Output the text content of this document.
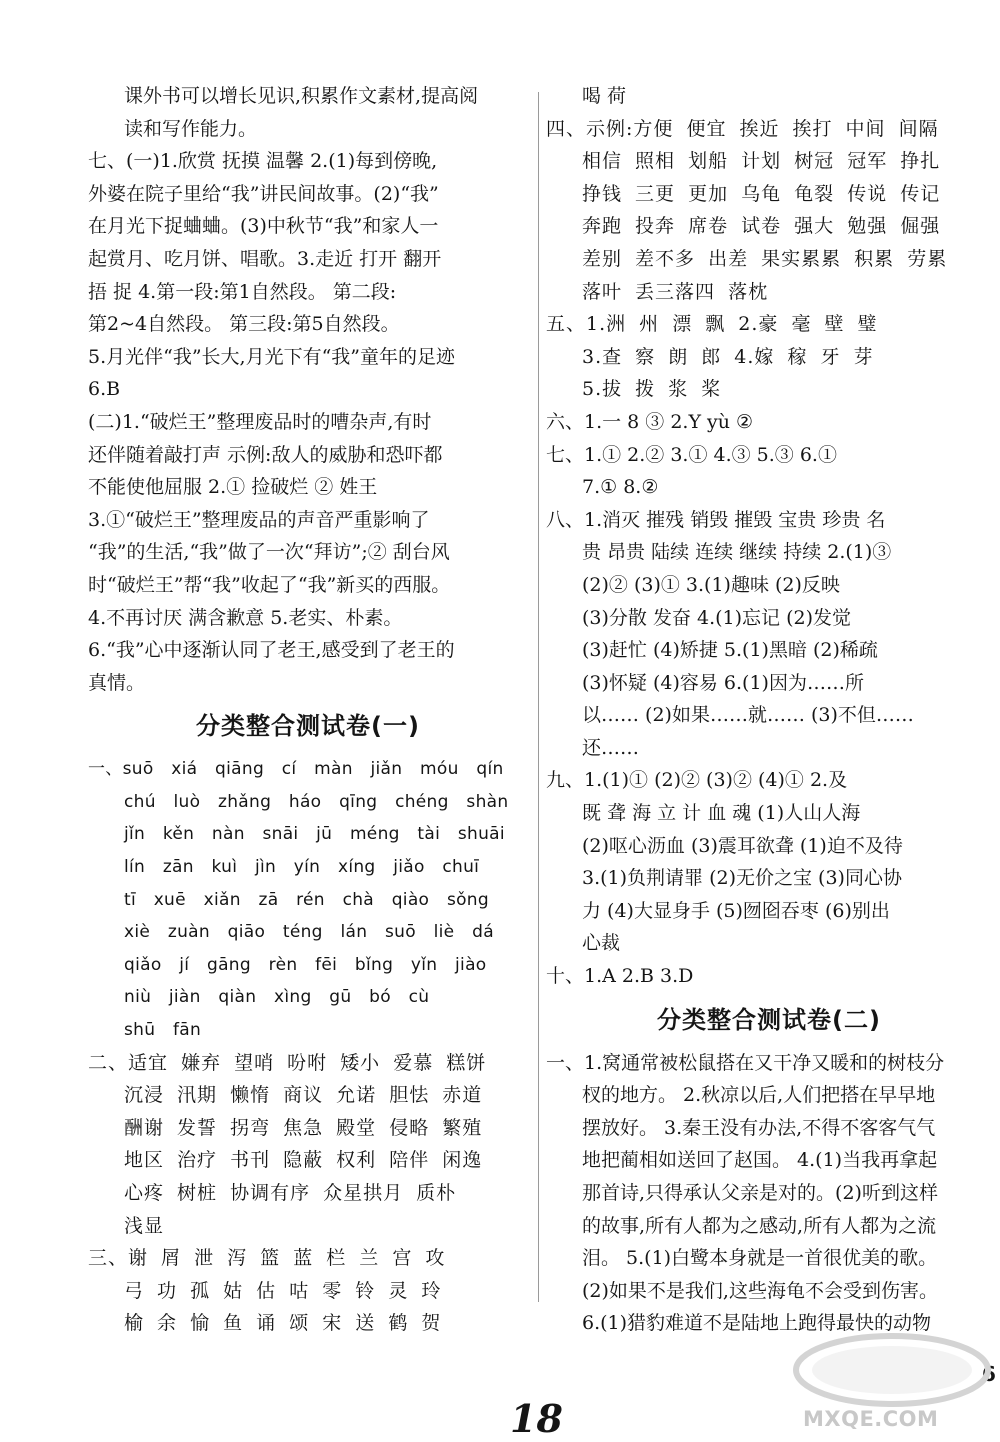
课外书可以增长见识,积累作文素材,提高阅
读和写作能力。
七、(一)1.欣赏 抚摸 温馨 2.(1)每到傍晚,
外婆在院子里给“我”讲民间故事。(2)“我”
在月光下捉蛐蛐。(3)中秋节“我”和家人一
起赏月、吃月饼、唱歌。3.走近 打开 翻开
捂 捉 4.第一段:第1自然段。 第二段:
第2~4自然段。 第三段:第5自然段。
5.月光伴“我”长大,月光下有“我”童年的足迹
6.B
(二)1.“破烂王”整理废品时的嘈杂声,有时
还伴随着敲打声 示例:敌人的威胁和恐吓都
不能使他屈服 2.① 捡破烂 ② 姓王
3.①“破烂王”整理废品的声音严重影响了
“我”的生活,“我”做了一次“拜访”;② 刮台风
时“破烂王”帮“我”收起了“我”新买的西服。
4.不再讨厌 满含歉意 5.老实、朴素。
6.“我”心中逐渐认同了老王,感受到了老王的
真情。
分类整合测试卷(一)
一、suō xiá qiāng cí màn jiǎn móu qín
chú luò zhǎng háo qīng chéng shàn
jǐn kěn nàn snāi jū méng tài shuāi
lín zān kuì jìn yín xíng jiǎo chuī
tī xuē xiǎn zā rén chà qiào sǒng
xiè zuàn qiāo téng lán suō liè dá
qiǎo jí gāng rèn fēi bǐng yǐn jiào
niù jiàn qiàn xìng gū bó cù
shū fān
二、适宜 嫌弃 望哨 吩咐 矮小 爱慕 糕饼
沉浸 汛期 懒惰 商议 允诺 胆怯 赤道
酬谢 发誓 拐弯 焦急 殿堂 侵略 繁殖
地区 治疗 书刊 隐蔽 权利 陪伴 闲逸
心疼 树桩 协调有序 众星拱月 质朴
浅显
三、谢 屑 泄 泻 篮 蓝 栏 兰 宫 攻
弓 功 孤 姑 估 咕 零 铃 灵 玲
榆 余 愉 鱼 诵 颂 宋 送 鹤 贺
喝 荷
四、示例:方便 便宜 挨近 挨打 中间 间隔
相信 照相 划船 计划 树冠 冠军 挣扎
挣钱 三更 更加 乌龟 龟裂 传说 传记
奔跑 投奔 席卷 试卷 强大 勉强 倔强
差别 差不多 出差 果实累累 积累 劳累
落叶 丢三落四 落枕
五、1.洲 州 漂 飘 2.豪 毫 壁 璧
3.查 察 朗 郎 4.嫁 稼 牙 芽
5.拔 拨 浆 桨
六、1.一 8 ③ 2.Y yù ②
七、1.① 2.② 3.① 4.③ 5.③ 6.①
7.① 8.②
八、1.消灭 摧残 销毁 摧毁 宝贵 珍贵 名
贵 昂贵 陆续 连续 继续 持续 2.(1)③
(2)② (3)① 3.(1)趣味 (2)反映
(3)分散 发奋 4.(1)忘记 (2)发觉
(3)赶忙 (4)矫捷 5.(1)黑暗 (2)稀疏
(3)怀疑 (4)容易 6.(1)因为……所
以…… (2)如果……就…… (3)不但……
还……
九、1.(1)① (2)② (3)② (4)① 2.及
既 聋 海 立 计 血 魂 (1)人山人海
(2)呕心沥血 (3)震耳欲聋 (1)迫不及待
3.(1)负荆请罪 (2)无价之宝 (3)同心协
力 (4)大显身手 (5)囫囵吞枣 (6)别出
心裁
十、1.A 2.B 3.D
分类整合测试卷(二)
一、1.窝通常被松鼠搭在又干净又暖和的树枝分
杈的地方。 2.秋凉以后,人们把搭在早早地
摆放好。 3.秦王没有办法,不得不客客气气
地把蔺相如送回了赵国。 4.(1)当我再拿起
那首诗,只得承认父亲是对的。(2)听到这样
的故事,所有人都为之感动,所有人都为之流
泪。 5.(1)白鹭本身就是一首很优美的歌。
(2)如果不是我们,这些海龟不会受到伤害。
6.(1)猎豹难道不是陆地上跑得最快的动物
6
18	MXQE.COM
